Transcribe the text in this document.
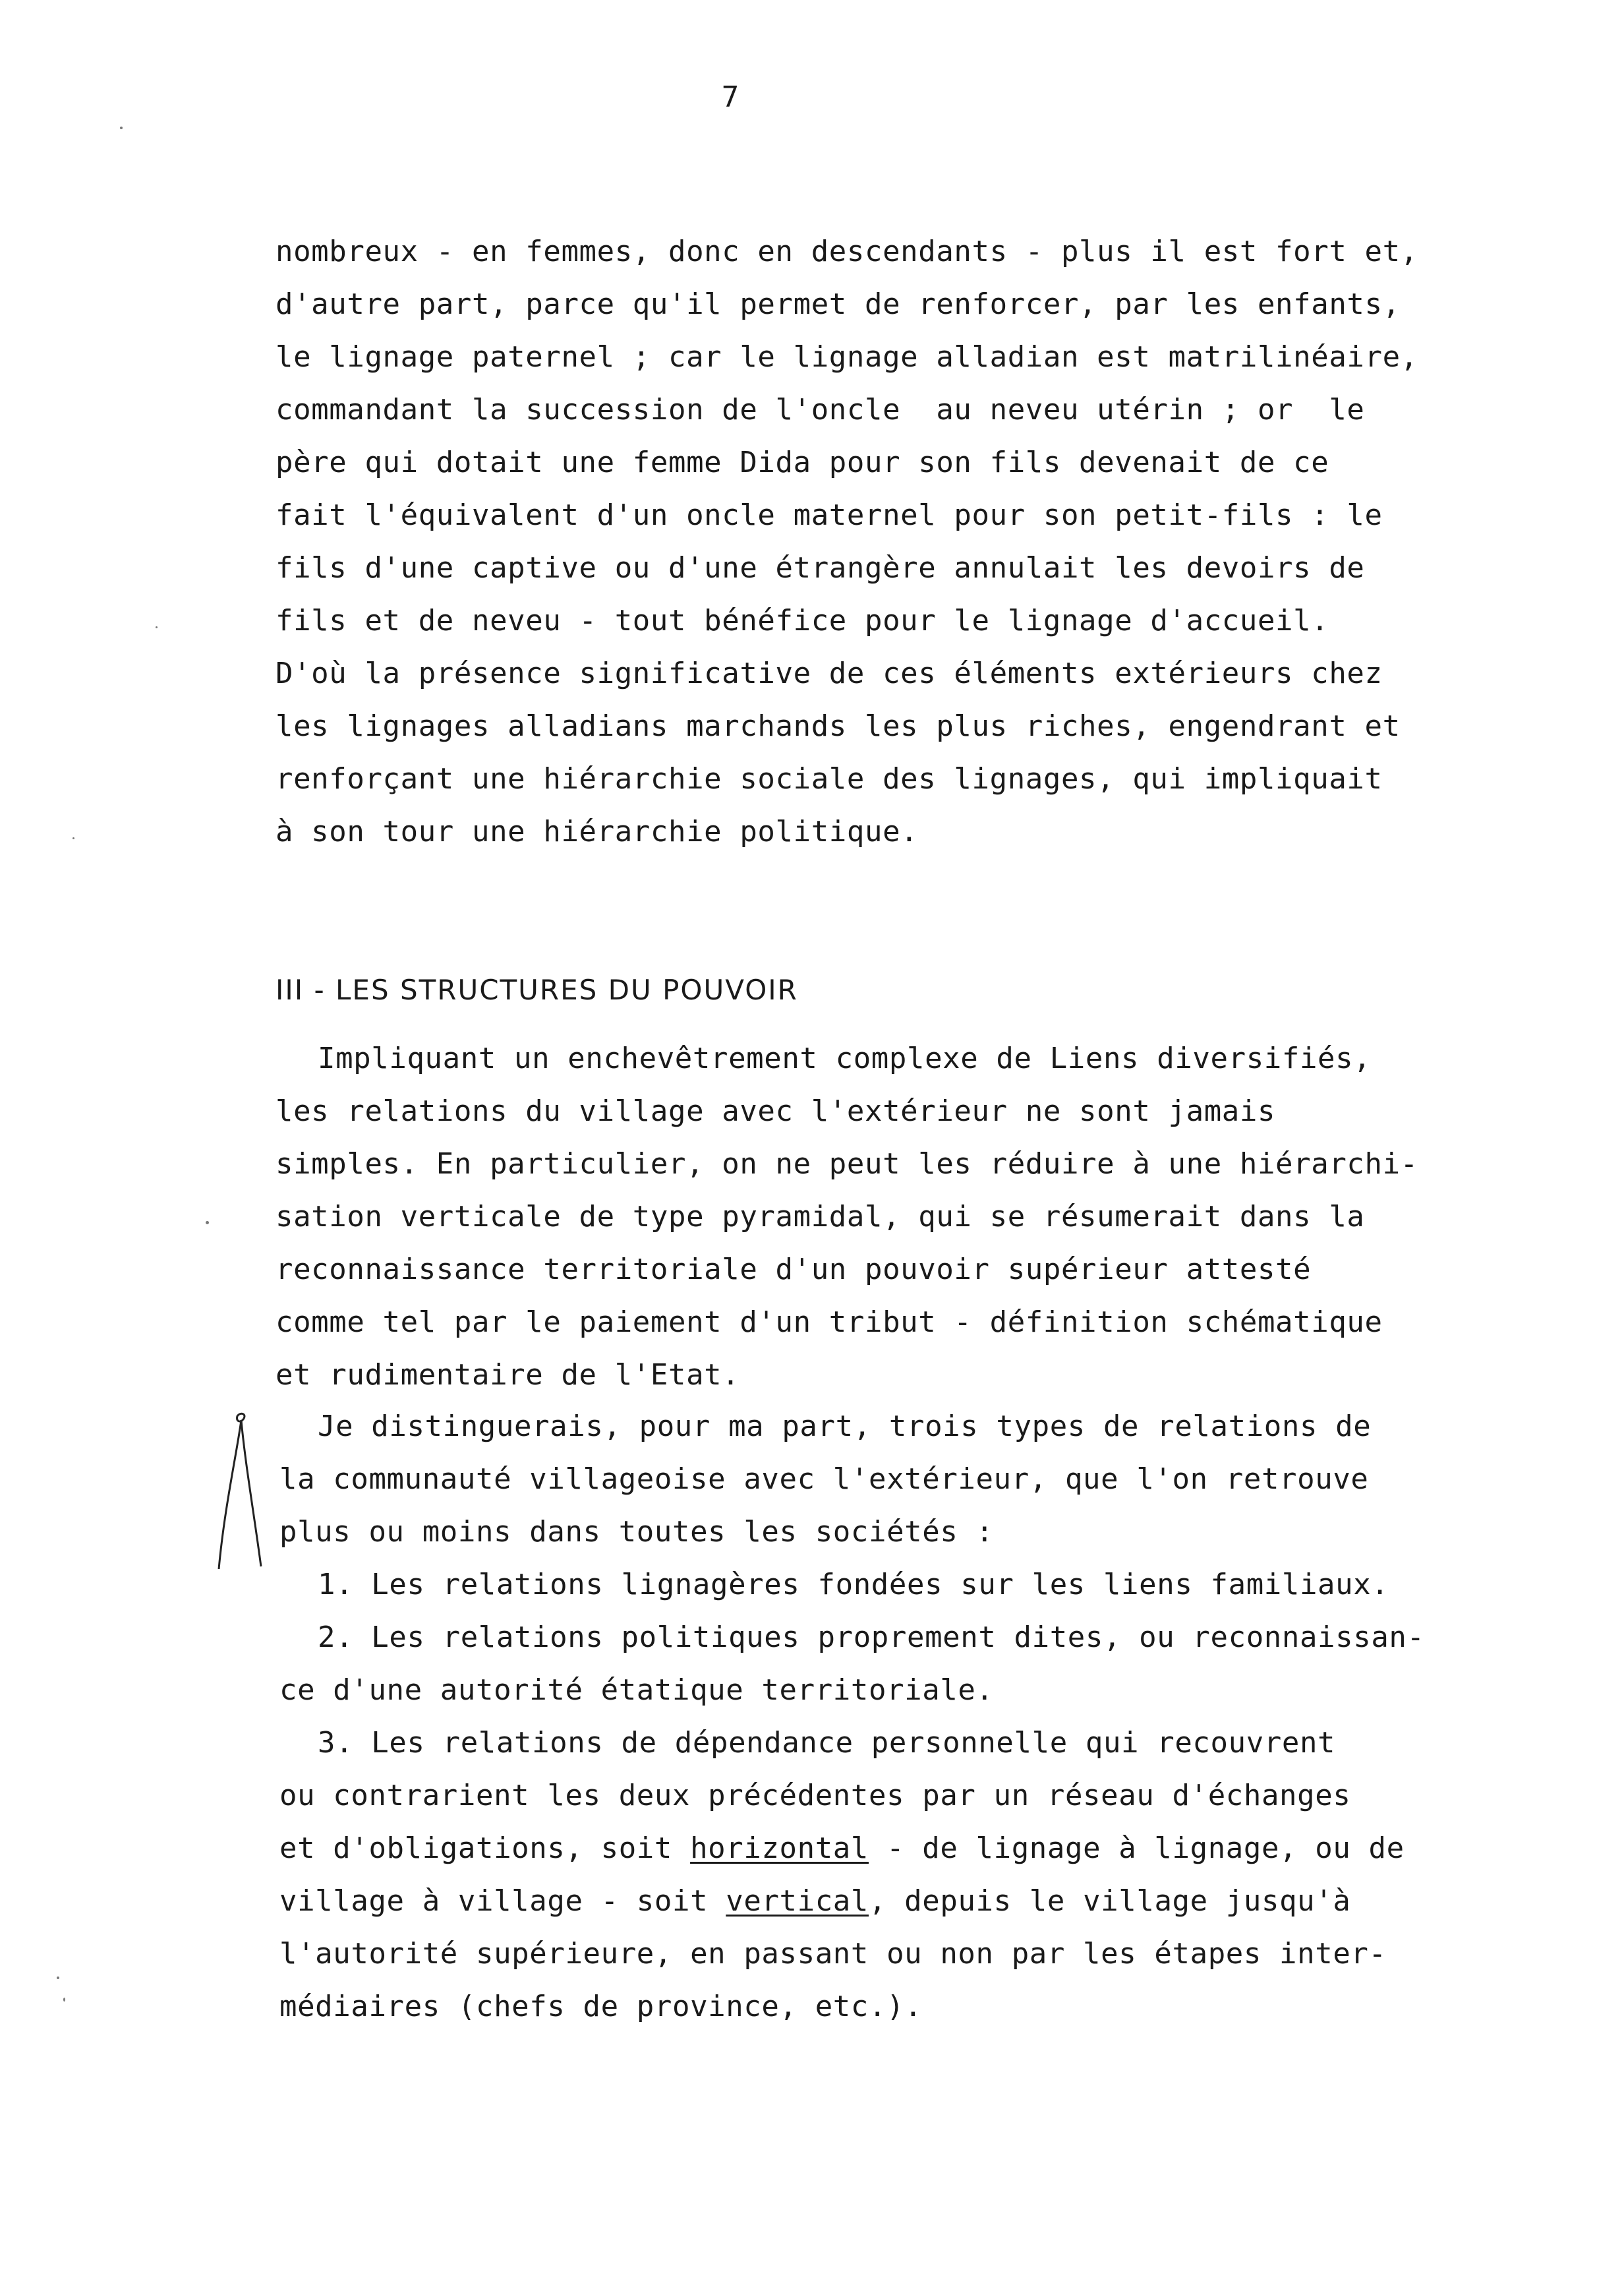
7
nombreux - en femmes, donc en descendants - plus il est fort et,
d'autre part, parce qu'il permet de renforcer, par les enfants,
le lignage paternel ; car le lignage alladian est matrilinéaire,
commandant la succession de l'oncle  au neveu utérin ; or  le
père qui dotait une femme Dida pour son fils devenait de ce
fait l'équivalent d'un oncle maternel pour son petit-fils : le
fils d'une captive ou d'une étrangère annulait les devoirs de
fils et de neveu - tout bénéfice pour le lignage d'accueil.
D'où la présence significative de ces éléments extérieurs chez
les lignages alladians marchands les plus riches, engendrant et
renforçant une hiérarchie sociale des lignages, qui impliquait
à son tour une hiérarchie politique.
III - LES STRUCTURES DU POUVOIR
Impliquant un enchevêtrement complexe de Liens diversifiés,
les relations du village avec l'extérieur ne sont jamais
simples. En particulier, on ne peut les réduire à une hiérarchi-
sation verticale de type pyramidal, qui se résumerait dans la
reconnaissance territoriale d'un pouvoir supérieur attesté
comme tel par le paiement d'un tribut - définition schématique
et rudimentaire de l'Etat.
Je distinguerais, pour ma part, trois types de relations de
la communauté villageoise avec l'extérieur, que l'on retrouve
plus ou moins dans toutes les sociétés :
1. Les relations lignagères fondées sur les liens familiaux.
2. Les relations politiques proprement dites, ou reconnaissan-
ce d'une autorité étatique territoriale.
3. Les relations de dépendance personnelle qui recouvrent
ou contrarient les deux précédentes par un réseau d'échanges
et d'obligations, soit horizontal - de lignage à lignage, ou de
village à village - soit vertical, depuis le village jusqu'à
l'autorité supérieure, en passant ou non par les étapes inter-
médiaires (chefs de province, etc.).
